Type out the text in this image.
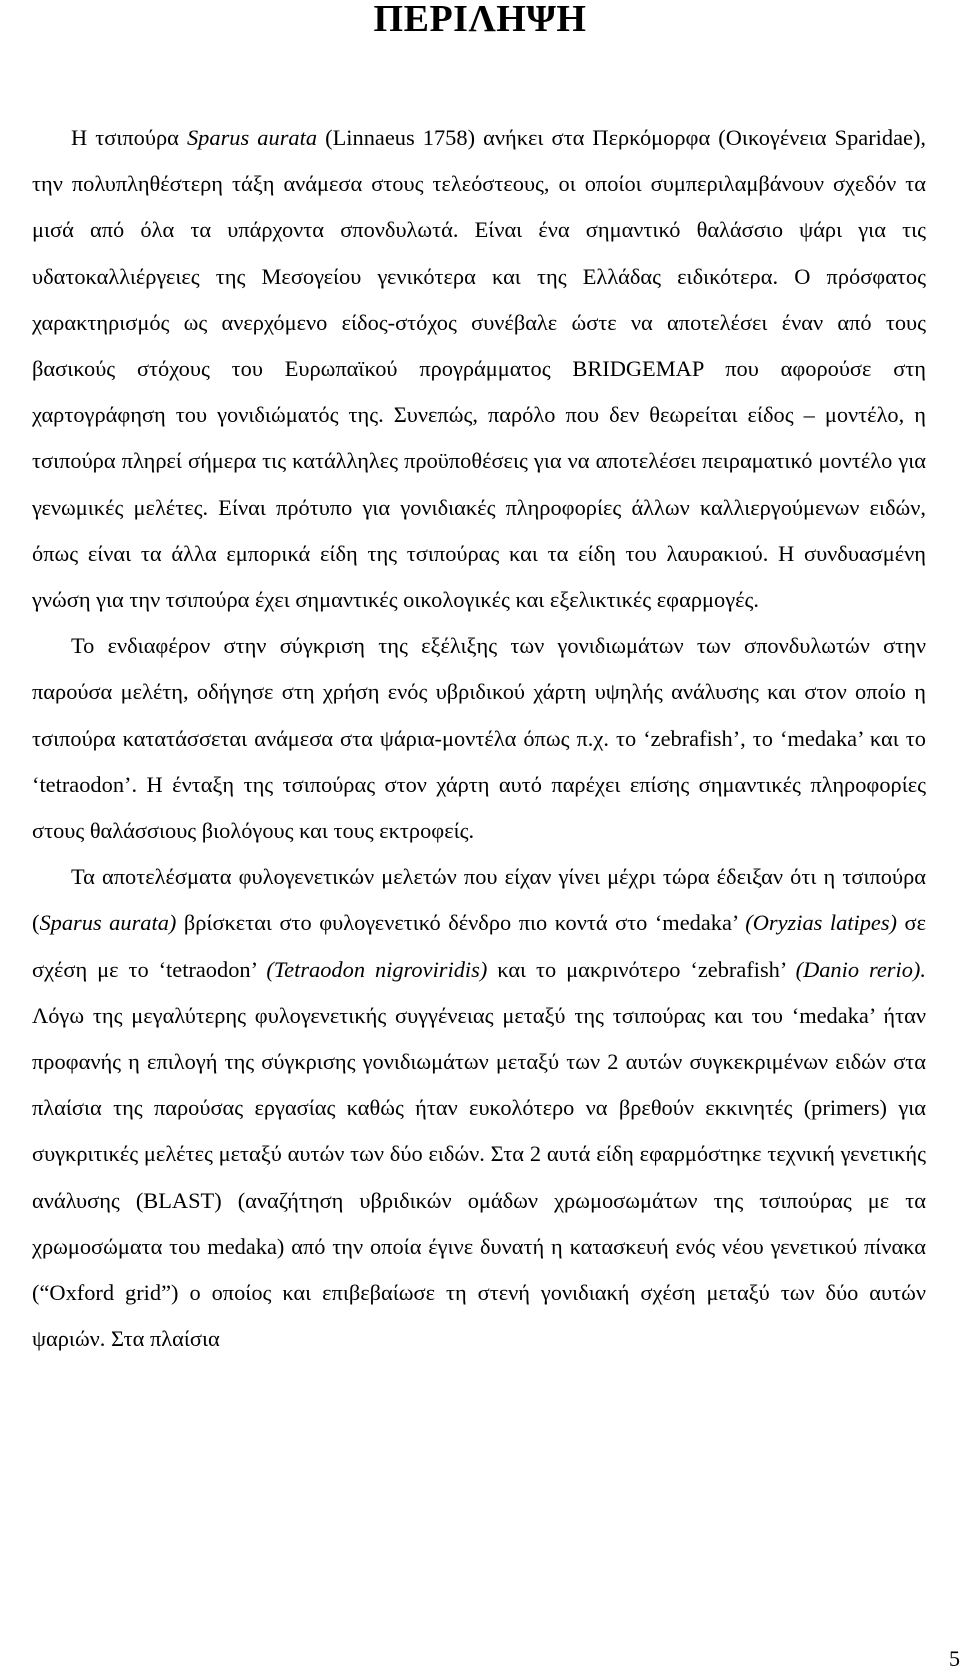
ΠΕΡΙΛΗΨΗ

Η τσιπούρα Sparus aurata (Linnaeus 1758) ανήκει στα Περκόμορφα (Οικογένεια Sparidae), την πολυπληθέστερη τάξη ανάμεσα στους τελεόστεους, οι οποίοι συμπεριλαμβάνουν σχεδόν τα μισά από όλα τα υπάρχοντα σπονδυλωτά. Είναι ένα σημαντικό θαλάσσιο ψάρι για τις υδατοκαλλιέργειες της Μεσογείου γενικότερα και της Ελλάδας ειδικότερα. Ο πρόσφατος χαρακτηρισμός ως ανερχόμενο είδος-στόχος συνέβαλε ώστε να αποτελέσει έναν από τους βασικούς στόχους του Ευρωπαϊκού προγράμματος BRIDGEMAP που αφορούσε στη χαρτογράφηση του γονιδιώματός της. Συνεπώς, παρόλο που δεν θεωρείται είδος – μοντέλο, η τσιπούρα πληρεί σήμερα τις κατάλληλες προϋποθέσεις για να αποτελέσει πειραματικό μοντέλο για γενωμικές μελέτες. Είναι πρότυπο για γονιδιακές πληροφορίες άλλων καλλιεργούμενων ειδών, όπως είναι τα άλλα εμπορικά είδη της τσιπούρας και τα είδη του λαυρακιού. Η συνδυασμένη γνώση για την τσιπούρα έχει σημαντικές οικολογικές και εξελικτικές εφαρμογές.

Το ενδιαφέρον στην σύγκριση της εξέλιξης των γονιδιωμάτων των σπονδυλωτών στην παρούσα μελέτη, οδήγησε στη χρήση ενός υβριδικού χάρτη υψηλής ανάλυσης και στον οποίο η τσιπούρα κατατάσσεται ανάμεσα στα ψάρια-μοντέλα όπως π.χ. το ‘zebrafish’, το ‘medaka’ και το ‘tetraodon’. Η ένταξη της τσιπούρας στον χάρτη αυτό παρέχει επίσης σημαντικές πληροφορίες στους θαλάσσιους βιολόγους και τους εκτροφείς.

Τα αποτελέσματα φυλογενετικών μελετών που είχαν γίνει μέχρι τώρα έδειξαν ότι η τσιπούρα (Sparus aurata) βρίσκεται στο φυλογενετικό δένδρο πιο κοντά στο ‘medaka’ (Oryzias latipes) σε σχέση με το ‘tetraodon’ (Tetraodon nigroviridis) και το μακρινότερο ‘zebrafish’ (Danio rerio). Λόγω της μεγαλύτερης φυλογενετικής συγγένειας μεταξύ της τσιπούρας και του ‘medaka’ ήταν προφανής η επιλογή της σύγκρισης γονιδιωμάτων μεταξύ των 2 αυτών συγκεκριμένων ειδών στα πλαίσια της παρούσας εργασίας καθώς ήταν ευκολότερο να βρεθούν εκκινητές (primers) για συγκριτικές μελέτες μεταξύ αυτών των δύο ειδών. Στα 2 αυτά είδη εφαρμόστηκε τεχνική γενετικής ανάλυσης (BLAST) (αναζήτηση υβριδικών ομάδων χρωμοσωμάτων της τσιπούρας με τα χρωμοσώματα του medaka) από την οποία έγινε δυνατή η κατασκευή ενός νέου γενετικού πίνακα (“Oxford grid”) ο οποίος και επιβεβαίωσε τη στενή γονιδιακή σχέση μεταξύ των δύο αυτών ψαριών. Στα πλαίσια

5
